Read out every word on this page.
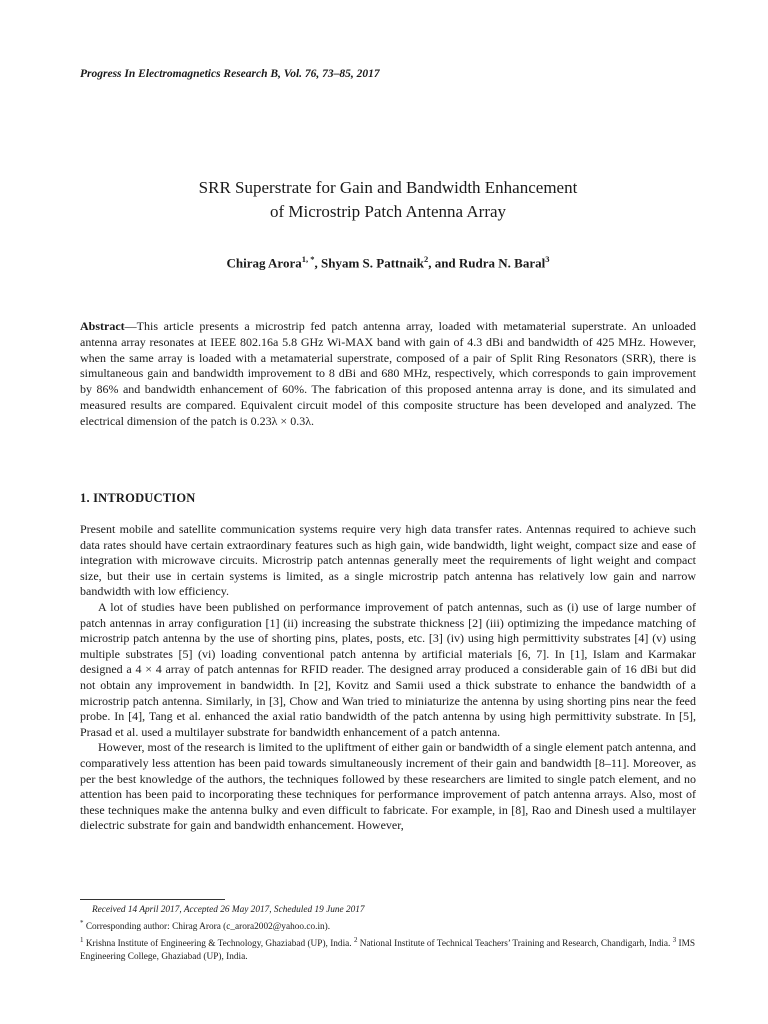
Progress In Electromagnetics Research B, Vol. 76, 73–85, 2017
SRR Superstrate for Gain and Bandwidth Enhancement
of Microstrip Patch Antenna Array
Chirag Arora$^{1, *}$, Shyam S. Pattnaik$^2$, and Rudra N. Baral$^3$
Abstract—This article presents a microstrip fed patch antenna array, loaded with metamaterial superstrate. An unloaded antenna array resonates at IEEE 802.16a 5.8 GHz Wi-MAX band with gain of 4.3 dBi and bandwidth of 425 MHz. However, when the same array is loaded with a metamaterial superstrate, composed of a pair of Split Ring Resonators (SRR), there is simultaneous gain and bandwidth improvement to 8 dBi and 680 MHz, respectively, which corresponds to gain improvement by 86% and bandwidth enhancement of 60%. The fabrication of this proposed antenna array is done, and its simulated and measured results are compared. Equivalent circuit model of this composite structure has been developed and analyzed. The electrical dimension of the patch is 0.23λ × 0.3λ.
1. INTRODUCTION

Present mobile and satellite communication systems require very high data transfer rates. Antennas required to achieve such data rates should have certain extraordinary features such as high gain, wide bandwidth, light weight, compact size and ease of integration with microwave circuits. Microstrip patch antennas generally meet the requirements of light weight and compact size, but their use in certain systems is limited, as a single microstrip patch antenna has relatively low gain and narrow bandwidth with low efficiency.

A lot of studies have been published on performance improvement of patch antennas, such as (i) use of large number of patch antennas in array configuration [1] (ii) increasing the substrate thickness [2] (iii) optimizing the impedance matching of microstrip patch antenna by the use of shorting pins, plates, posts, etc. [3] (iv) using high permittivity substrates [4] (v) using multiple substrates [5] (vi) loading conventional patch antenna by artificial materials [6, 7]. In [1], Islam and Karmakar designed a 4 × 4 array of patch antennas for RFID reader. The designed array produced a considerable gain of 16 dBi but did not obtain any improvement in bandwidth. In [2], Kovitz and Samii used a thick substrate to enhance the bandwidth of a microstrip patch antenna. Similarly, in [3], Chow and Wan tried to miniaturize the antenna by using shorting pins near the feed probe. In [4], Tang et al. enhanced the axial ratio bandwidth of the patch antenna by using high permittivity substrate. In [5], Prasad et al. used a multilayer substrate for bandwidth enhancement of a patch antenna.

However, most of the research is limited to the upliftment of either gain or bandwidth of a single element patch antenna, and comparatively less attention has been paid towards simultaneously increment of their gain and bandwidth [8–11]. Moreover, as per the best knowledge of the authors, the techniques followed by these researchers are limited to single patch element, and no attention has been paid to incorporating these techniques for performance improvement of patch antenna arrays. Also, most of these techniques make the antenna bulky and even difficult to fabricate. For example, in [8], Rao and Dinesh used a multilayer dielectric substrate for gain and bandwidth enhancement. However,

Received 14 April 2017, Accepted 26 May 2017, Scheduled 19 June 2017
* Corresponding author: Chirag Arora (c_arora2002@yahoo.co.in).
$^1$ Krishna Institute of Engineering & Technology, Ghaziabad (UP), India. $^2$ National Institute of Technical Teachers’ Training and Research, Chandigarh, India. $^3$ IMS Engineering College, Ghaziabad (UP), India.
